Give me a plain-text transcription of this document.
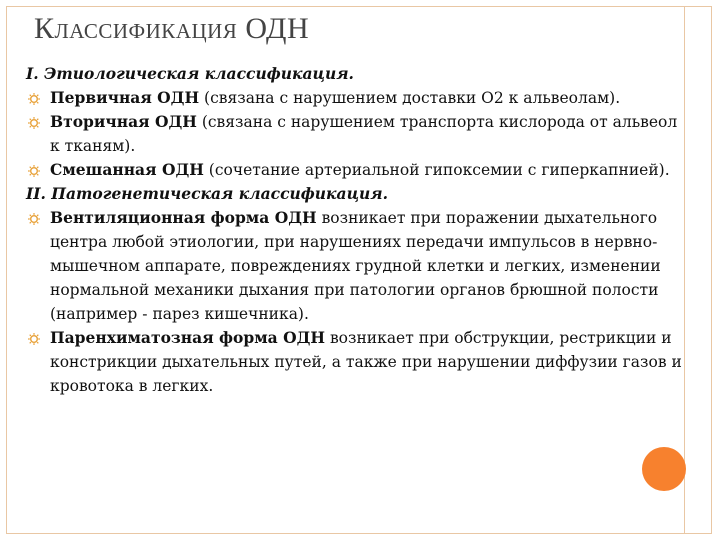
Классификация ОДН

I. Этиологическая классификация.

Первичная ОДН (связана с нарушением доставки О2 к альвеолам).

Вторичная ОДН (связана с нарушением транспорта кислорода от альвеол к тканям).

Смешанная ОДН (сочетание артериальной гипоксемии с гиперкапнией).

II. Патогенетическая классификация.

Вентиляционная форма ОДН возникает при поражении дыхательного центра любой этиологии, при нарушениях передачи импульсов в нервно-мышечном аппарате, повреждениях грудной клетки и легких, изменении нормальной механики дыхания при патологии органов брюшной полости (например - парез кишечника).

Паренхиматозная форма ОДН возникает при обструкции, рестрикции и констрикции дыхательных путей, а также при нарушении диффузии газов и кровотока в легких.
